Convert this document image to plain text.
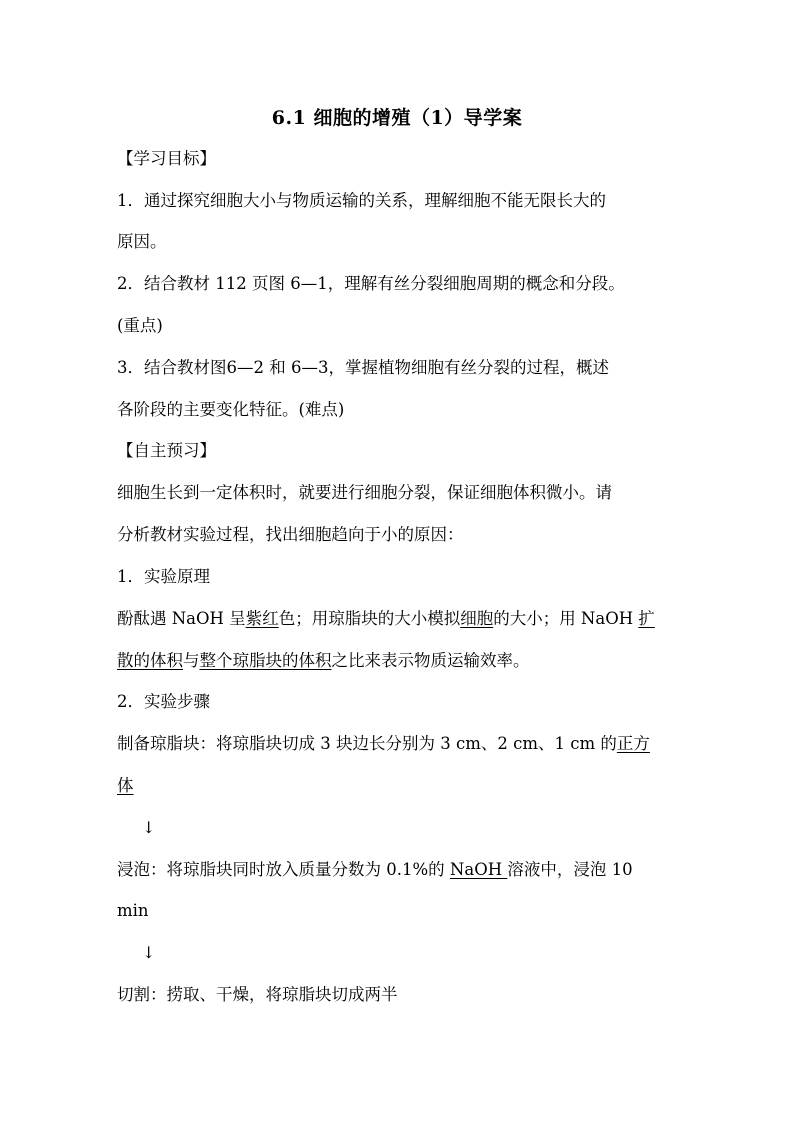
6.1 细胞的增殖（1）导学案
【学习目标】
1．通过探究细胞大小与物质运输的关系，理解细胞不能无限长大的
原因。
2．结合教材 112 页图 6—1，理解有丝分裂细胞周期的概念和分段。
(重点)
3．结合教材图6—2 和 6—3，掌握植物细胞有丝分裂的过程，概述
各阶段的主要变化特征。(难点)
【自主预习】
细胞生长到一定体积时，就要进行细胞分裂，保证细胞体积微小。请
分析教材实验过程，找出细胞趋向于小的原因：
1．实验原理
酚酞遇 NaOH 呈紫红色；用琼脂块的大小模拟细胞的大小；用 NaOH 扩
散的体积与整个琼脂块的体积之比来表示物质运输效率。
2．实验步骤
制备琼脂块：将琼脂块切成 3 块边长分别为 3 cm、2 cm、1 cm 的正方
体
↓
浸泡：将琼脂块同时放入质量分数为 0.1%的 NaOH 溶液中，浸泡 10
min
↓
切割：捞取、干燥，将琼脂块切成两半
